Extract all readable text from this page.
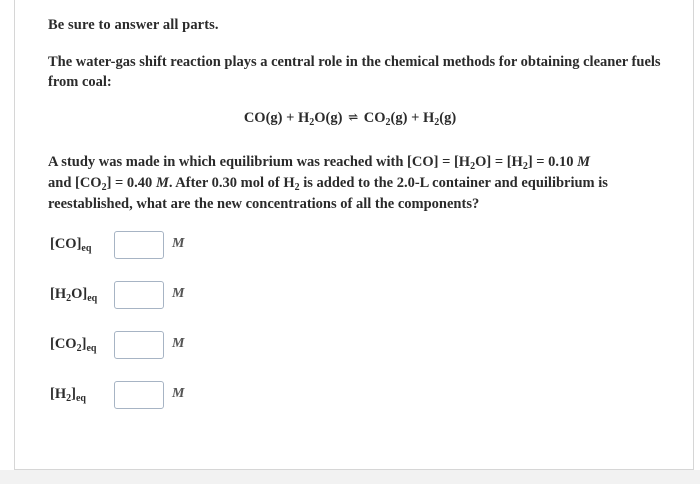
Be sure to answer all parts.
The water-gas shift reaction plays a central role in the chemical methods for obtaining cleaner fuels from coal:
$CO(g) + H_2O(g)$ ⇌ $CO_2(g) + H_2(g)$
A study was made in which equilibrium was reached with $[CO] = [H_2O] = [H_2] = 0.10$ M
and $[CO_2] = 0.40$ M. After 0.30 mol of $H_2$ is added to the 2.0-L container and equilibrium is
reestablished, what are the new concentrations of all the components?
$[CO]_{eq}$	M
$[H_2O]_{eq}$	M
$[CO_2]_{eq}$	M
$[H_2]_{eq}$	M
